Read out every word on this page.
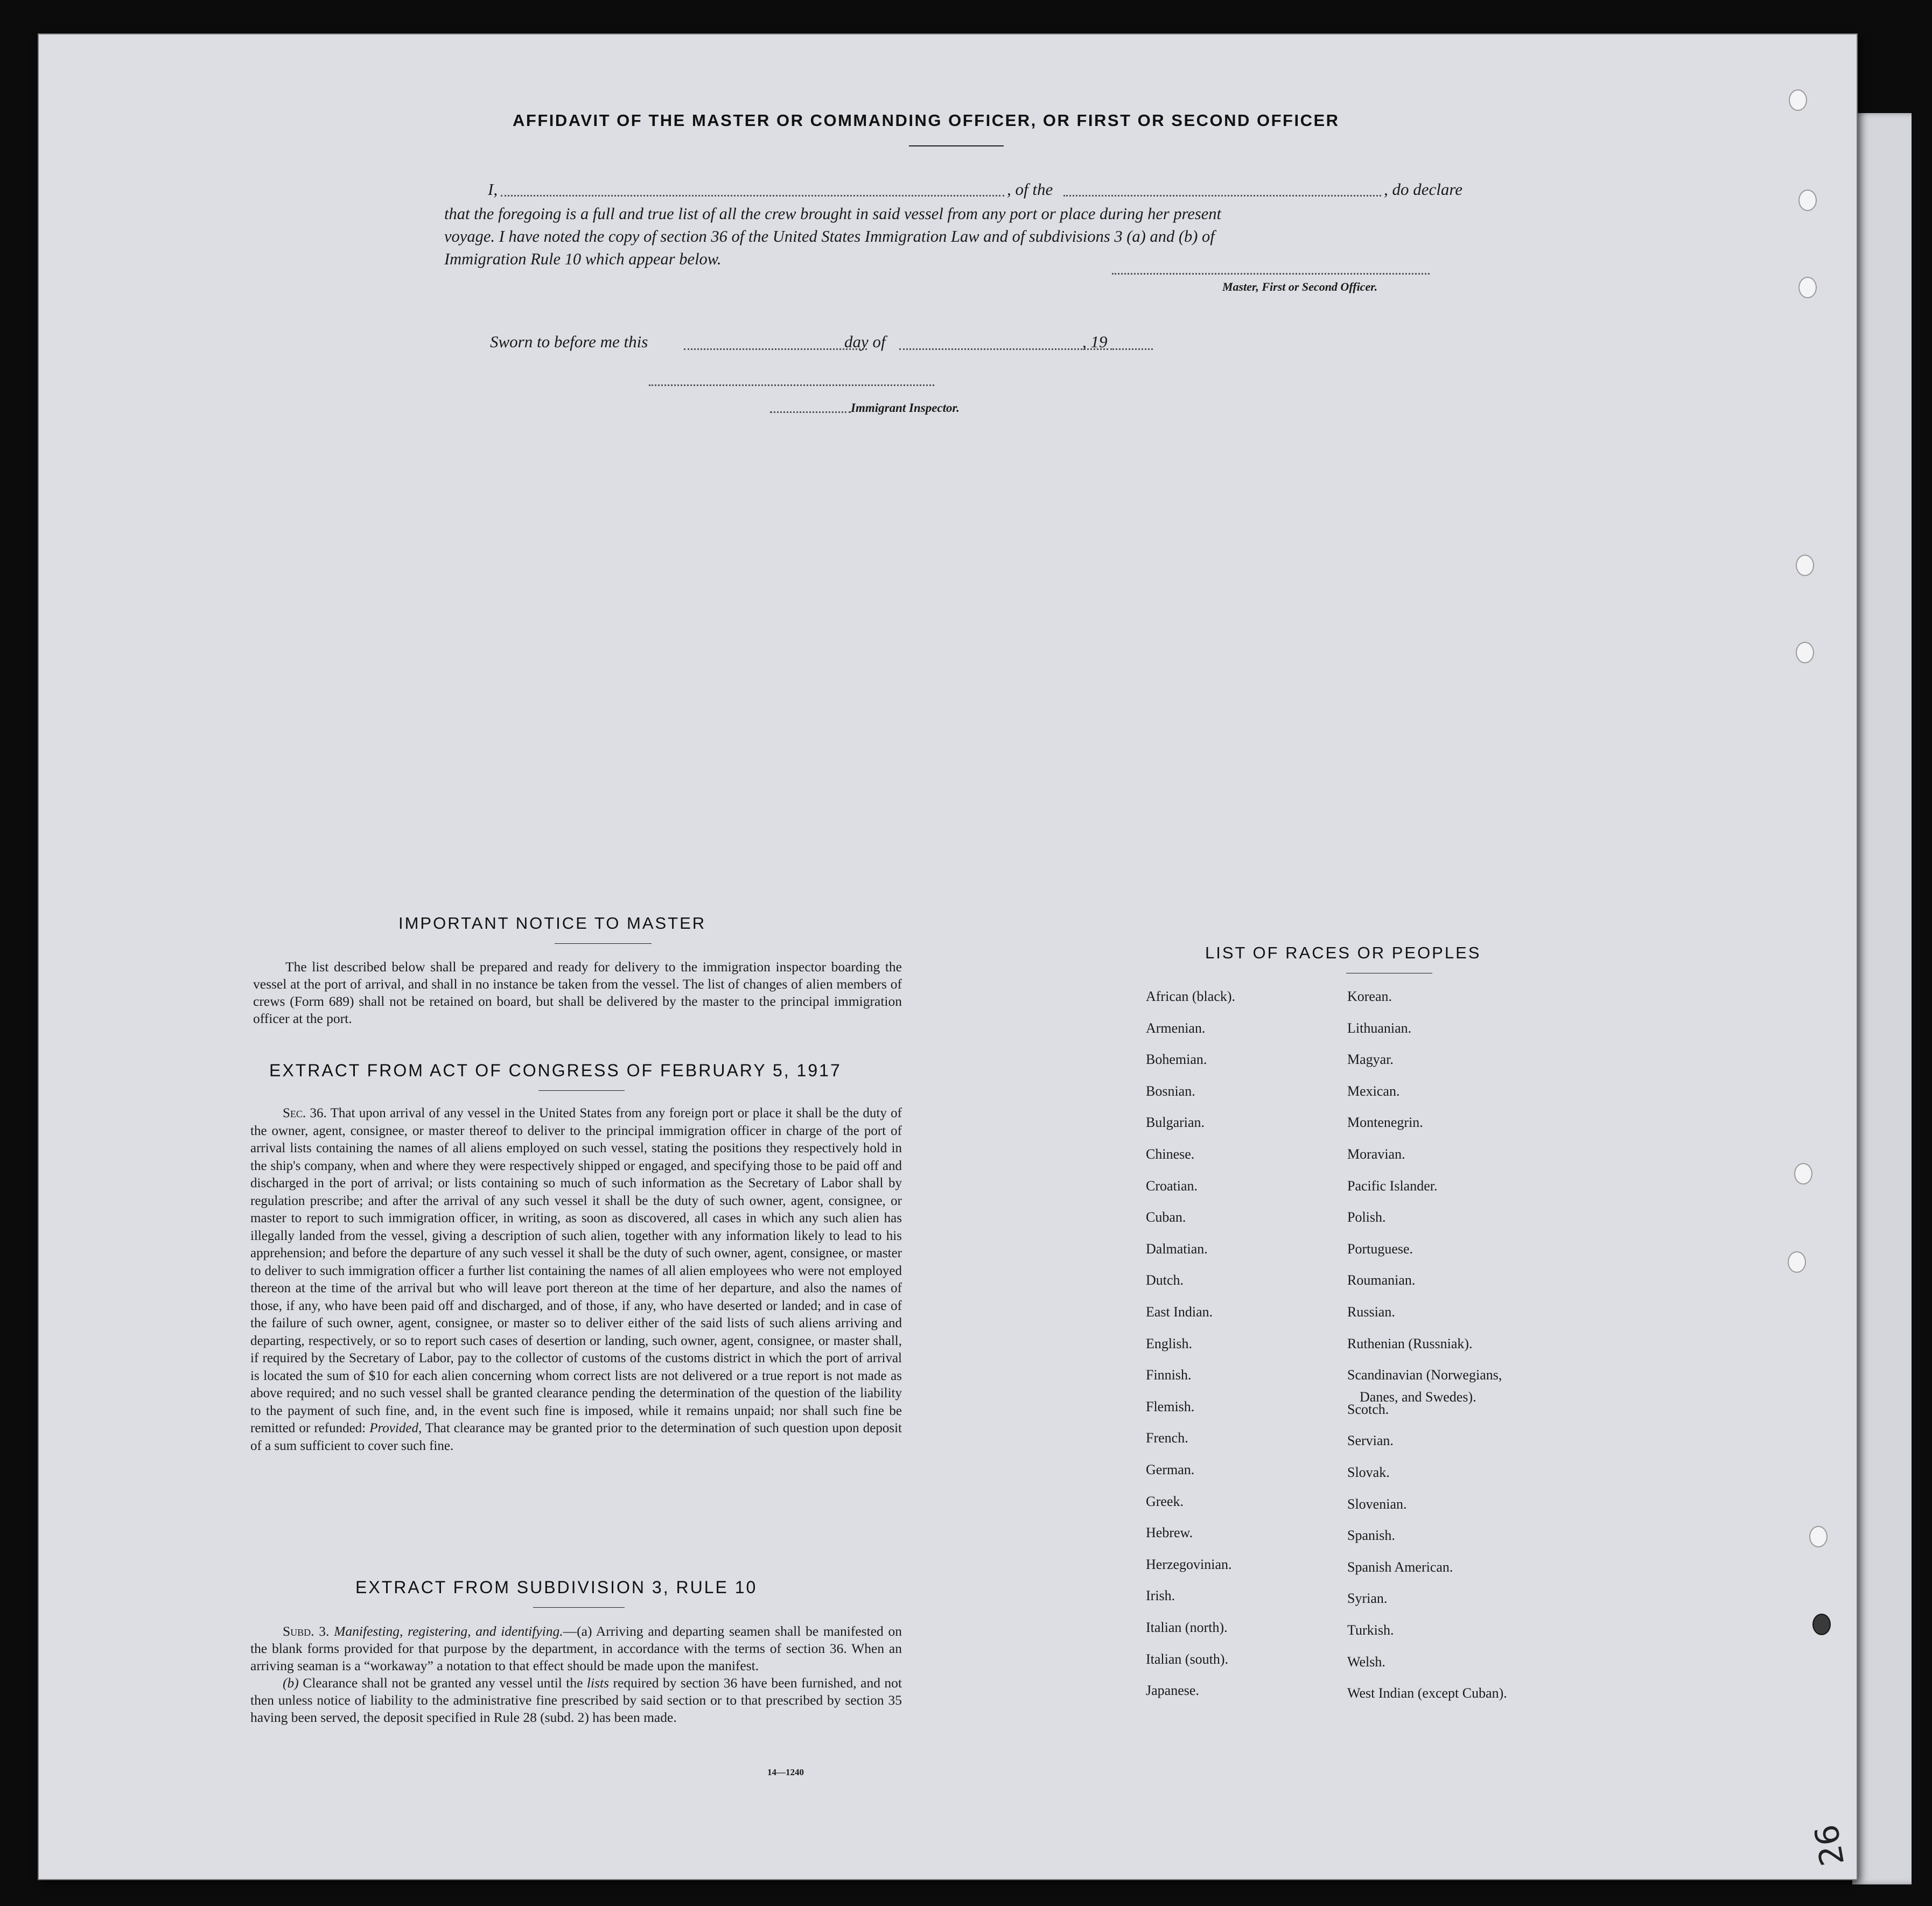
AFFIDAVIT OF THE MASTER OR COMMANDING OFFICER, OR FIRST OR SECOND OFFICER
I,	, of the	, do declare
that the foregoing is a full and true list of all the crew brought in said vessel from any port or place during her present
voyage. I have noted the copy of section 36 of the United States Immigration Law and of subdivisions 3 (a) and (b) of
Immigration Rule 10 which appear below.
Master, First or Second Officer.
Sworn to before me this	day of	, 19
Immigrant Inspector.
IMPORTANT NOTICE TO MASTER

The list described below shall be prepared and ready for delivery to the immigration inspector boarding the vessel at the port of arrival, and shall in no instance be taken from the vessel. The list of changes of alien members of crews (Form 689) shall not be retained on board, but shall be delivered by the master to the principal immigration officer at the port.

EXTRACT FROM ACT OF CONGRESS OF FEBRUARY 5, 1917

Sec. 36. That upon arrival of any vessel in the United States from any foreign port or place it shall be the duty of the owner, agent, consignee, or master thereof to deliver to the principal immigration officer in charge of the port of arrival lists containing the names of all aliens employed on such vessel, stating the positions they respectively hold in the ship's company, when and where they were respectively shipped or engaged, and specifying those to be paid off and discharged in the port of arrival; or lists containing so much of such information as the Secretary of Labor shall by regulation prescribe; and after the arrival of any such vessel it shall be the duty of such owner, agent, consignee, or master to report to such immigration officer, in writing, as soon as discovered, all cases in which any such alien has illegally landed from the vessel, giving a description of such alien, together with any information likely to lead to his apprehension; and before the departure of any such vessel it shall be the duty of such owner, agent, consignee, or master to deliver to such immigration officer a further list containing the names of all alien employees who were not employed thereon at the time of the arrival but who will leave port thereon at the time of her departure, and also the names of those, if any, who have been paid off and discharged, and of those, if any, who have deserted or landed; and in case of the failure of such owner, agent, consignee, or master so to deliver either of the said lists of such aliens arriving and departing, respectively, or so to report such cases of desertion or landing, such owner, agent, consignee, or master shall, if required by the Secretary of Labor, pay to the collector of customs of the customs district in which the port of arrival is located the sum of $10 for each alien concerning whom correct lists are not delivered or a true report is not made as above required; and no such vessel shall be granted clearance pending the determination of the question of the liability to the payment of such fine, and, in the event such fine is imposed, while it remains unpaid; nor shall such fine be remitted or refunded: Provided, That clearance may be granted prior to the determination of such question upon deposit of a sum sufficient to cover such fine.

EXTRACT FROM SUBDIVISION 3, RULE 10

Subd. 3. Manifesting, registering, and identifying.—(a) Arriving and departing seamen shall be manifested on the blank forms provided for that purpose by the department, in accordance with the terms of section 36. When an arriving seaman is a “workaway” a notation to that effect should be made upon the manifest.

(b) Clearance shall not be granted any vessel until the lists required by section 36 have been furnished, and not then unless notice of liability to the administrative fine prescribed by said section or to that prescribed by section 35 having been served, the deposit specified in Rule 28 (subd. 2) has been made.

14—1240
LIST OF RACES OR PEOPLES
African (black).
Armenian.
Bohemian.
Bosnian.
Bulgarian.
Chinese.
Croatian.
Cuban.
Dalmatian.
Dutch.
East Indian.
English.
Finnish.
Flemish.
French.
German.
Greek.
Hebrew.
Herzegovinian.
Irish.
Italian (north).
Italian (south).
Japanese.
Korean.
Lithuanian.
Magyar.
Mexican.
Montenegrin.
Moravian.
Pacific Islander.
Polish.
Portuguese.
Roumanian.
Russian.
Ruthenian (Russniak).
Scandinavian (Norwegians,
Scotch.
Servian.
Slovak.
Slovenian.
Spanish.
Spanish American.
Syrian.
Turkish.
Welsh.
West Indian (except Cuban).
Danes, and Swedes).
26
